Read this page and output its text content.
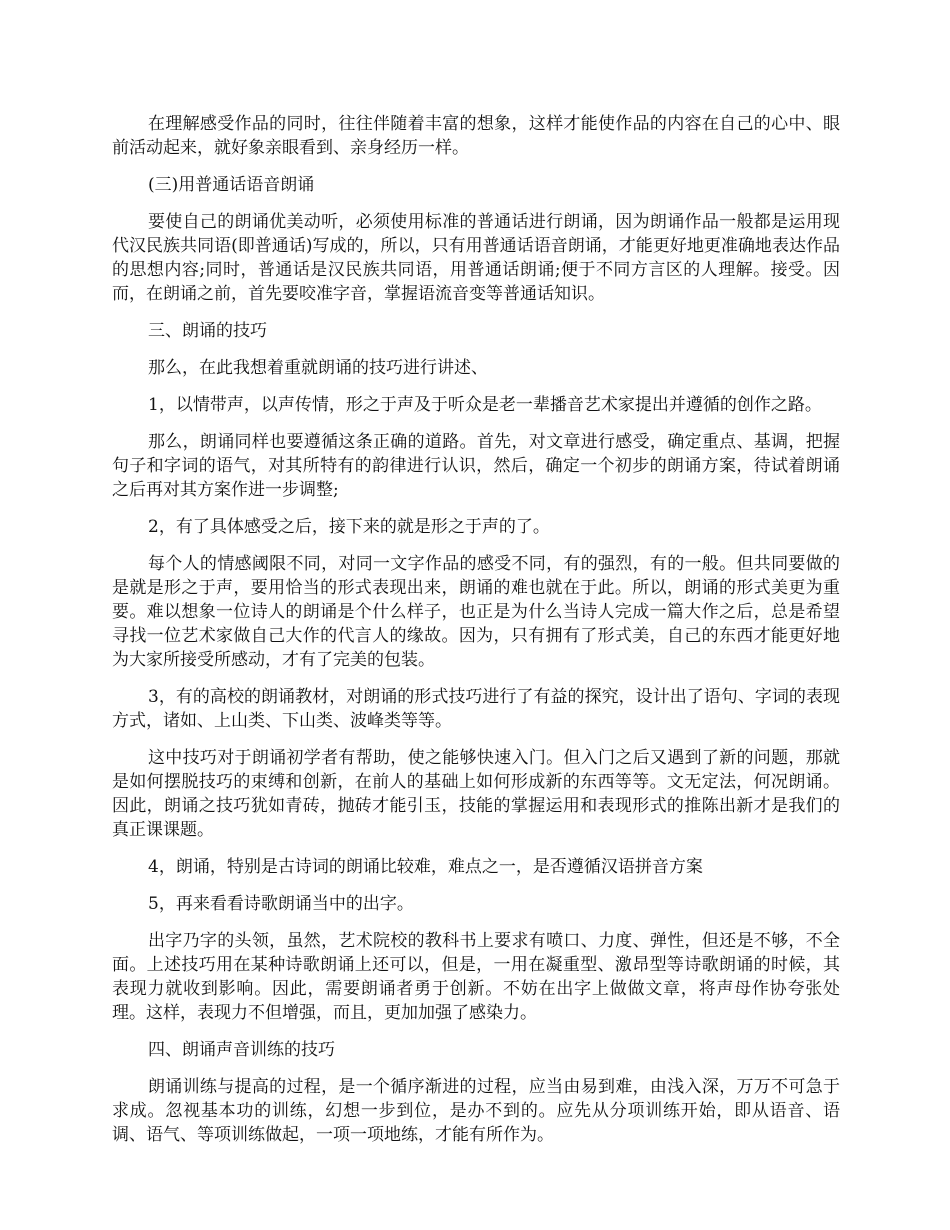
在理解感受作品的同时，往往伴随着丰富的想象，这样才能使作品的内容在自己的心中、眼前活动起来，就好象亲眼看到、亲身经历一样。

(三)用普通话语音朗诵

要使自己的朗诵优美动听，必须使用标准的普通话进行朗诵，因为朗诵作品一般都是运用现代汉民族共同语(即普通话)写成的，所以，只有用普通话语音朗诵，才能更好地更准确地表达作品的思想内容;同时，普通话是汉民族共同语，用普通话朗诵;便于不同方言区的人理解。接受。因而，在朗诵之前，首先要咬准字音，掌握语流音变等普通话知识。

三、朗诵的技巧

那么，在此我想着重就朗诵的技巧进行讲述、

1，以情带声，以声传情，形之于声及于听众是老一辈播音艺术家提出并遵循的创作之路。

那么，朗诵同样也要遵循这条正确的道路。首先，对文章进行感受，确定重点、基调，把握句子和字词的语气，对其所特有的韵律进行认识，然后，确定一个初步的朗诵方案，待试着朗诵之后再对其方案作进一步调整;

2，有了具体感受之后，接下来的就是形之于声的了。

每个人的情感阈限不同，对同一文字作品的感受不同，有的强烈，有的一般。但共同要做的是就是形之于声，要用恰当的形式表现出来，朗诵的难也就在于此。所以，朗诵的形式美更为重要。难以想象一位诗人的朗诵是个什么样子，也正是为什么当诗人完成一篇大作之后，总是希望寻找一位艺术家做自己大作的代言人的缘故。因为，只有拥有了形式美，自己的东西才能更好地为大家所接受所感动，才有了完美的包装。

3，有的高校的朗诵教材，对朗诵的形式技巧进行了有益的探究，设计出了语句、字词的表现方式，诸如、上山类、下山类、波峰类等等。

这中技巧对于朗诵初学者有帮助，使之能够快速入门。但入门之后又遇到了新的问题，那就是如何摆脱技巧的束缚和创新，在前人的基础上如何形成新的东西等等。文无定法，何况朗诵。因此，朗诵之技巧犹如青砖，抛砖才能引玉，技能的掌握运用和表现形式的推陈出新才是我们的真正课课题。

4，朗诵，特别是古诗词的朗诵比较难，难点之一，是否遵循汉语拼音方案

5，再来看看诗歌朗诵当中的出字。

出字乃字的头领，虽然，艺术院校的教科书上要求有喷口、力度、弹性，但还是不够，不全面。上述技巧用在某种诗歌朗诵上还可以，但是，一用在凝重型、激昂型等诗歌朗诵的时候，其表现力就收到影响。因此，需要朗诵者勇于创新。不妨在出字上做做文章，将声母作协夸张处理。这样，表现力不但增强，而且，更加加强了感染力。

四、朗诵声音训练的技巧

朗诵训练与提高的过程，是一个循序渐进的过程，应当由易到难，由浅入深，万万不可急于求成。忽视基本功的训练，幻想一步到位，是办不到的。应先从分项训练开始，即从语音、语调、语气、等项训练做起，一项一项地练，才能有所作为。
